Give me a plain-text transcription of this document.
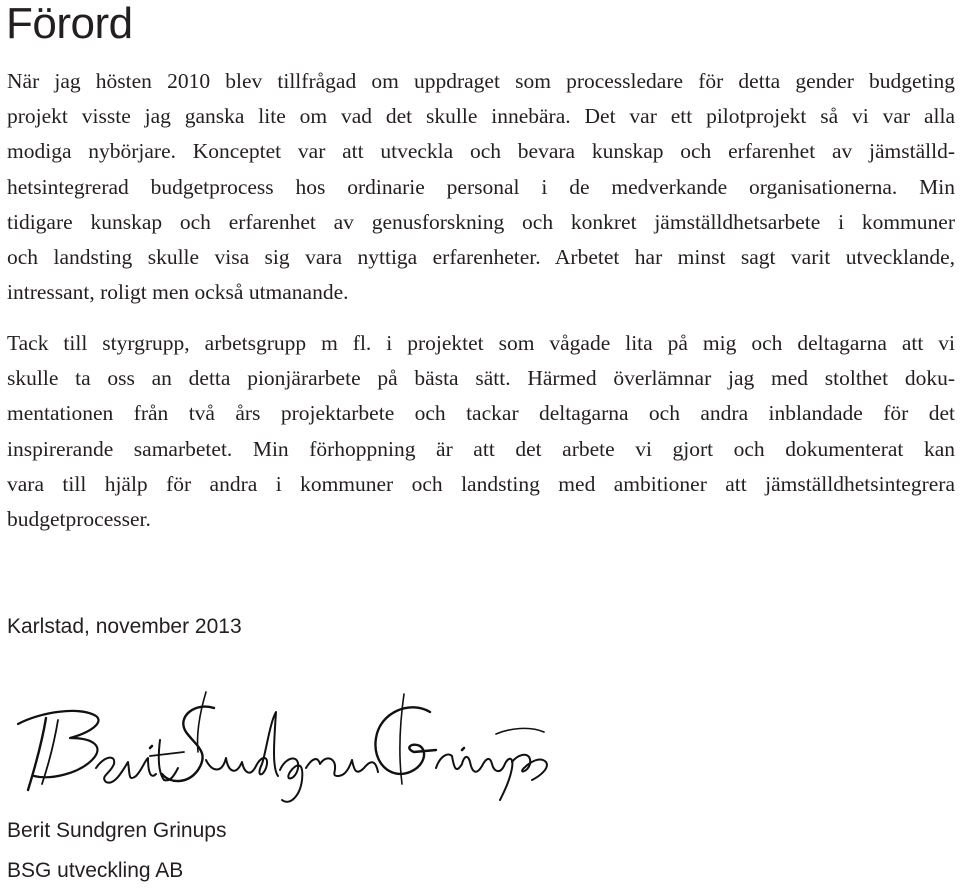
Förord

När jag hösten 2010 blev tillfrågad om uppdraget som processledare för detta gender budgeting
projekt visste jag ganska lite om vad det skulle innebära. Det var ett pilotprojekt så vi var alla
modiga nybörjare. Konceptet var att utveckla och bevara kunskap och erfarenhet av jämställd-
hetsintegrerad budgetprocess hos ordinarie personal i de medverkande organisationerna. Min
tidigare kunskap och erfarenhet av genusforskning och konkret jämställdhetsarbete i kommuner
och landsting skulle visa sig vara nyttiga erfarenheter. Arbetet har minst sagt varit utvecklande,
intressant, roligt men också utmanande.

Tack till styrgrupp, arbetsgrupp m fl. i projektet som vågade lita på mig och deltagarna att vi
skulle ta oss an detta pionjärarbete på bästa sätt. Härmed överlämnar jag med stolthet doku-
mentationen från två års projektarbete och tackar deltagarna och andra inblandade för det
inspirerande samarbetet. Min förhoppning är att det arbete vi gjort och dokumenterat kan
vara till hjälp för andra i kommuner och landsting med ambitioner att jämställdhetsintegrera
budgetprocesser.

Karlstad, november 2013
Berit Sundgren Grinups
BSG utveckling AB
